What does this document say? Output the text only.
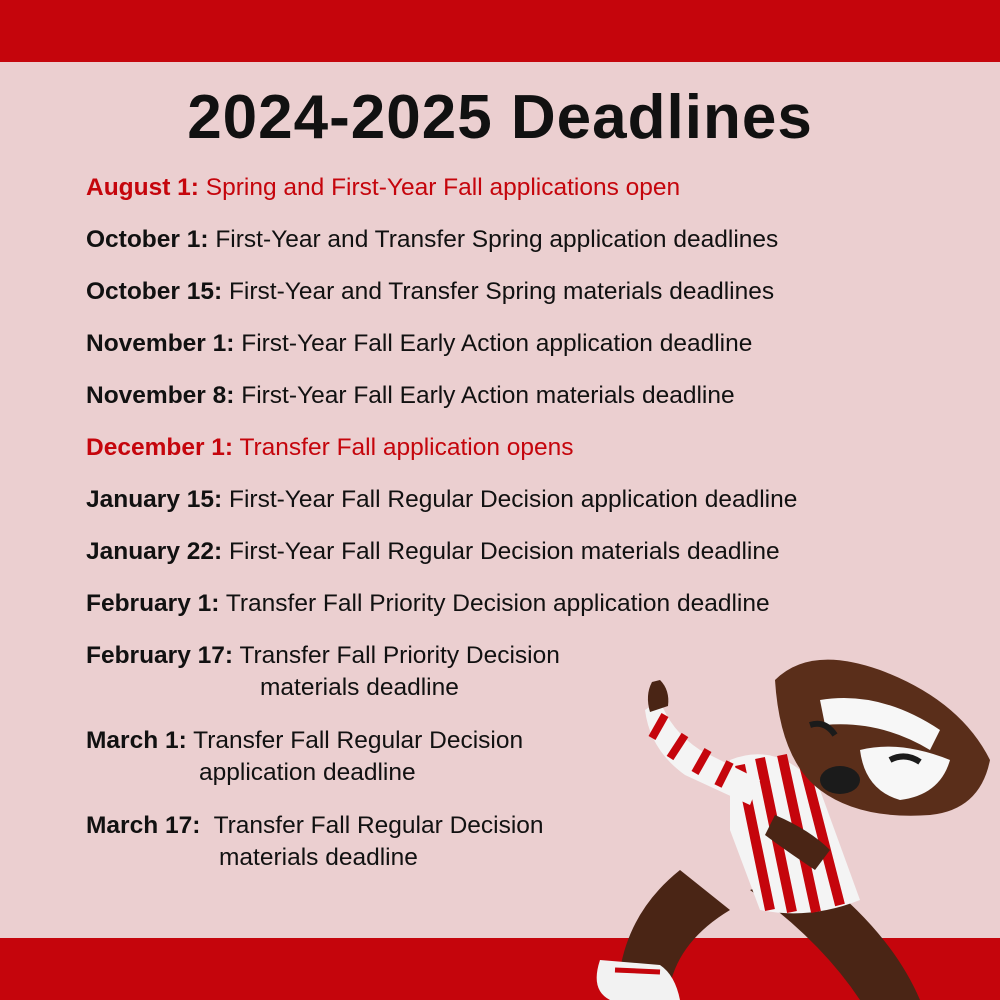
2024-2025 Deadlines
August 1: Spring and First-Year Fall applications open
October 1: First-Year and Transfer Spring application deadlines
October 15: First-Year and Transfer Spring materials deadlines
November 1: First-Year Fall Early Action application deadline
November 8: First-Year Fall Early Action materials deadline
December 1: Transfer Fall application opens
January 15: First-Year Fall Regular Decision application deadline
January 22: First-Year Fall Regular Decision materials deadline
February 1: Transfer Fall Priority Decision application deadline
February 17: Transfer Fall Priority Decision
materials deadline
March 1: Transfer Fall Regular Decision
application deadline
March 17:  Transfer Fall Regular Decision
materials deadline
